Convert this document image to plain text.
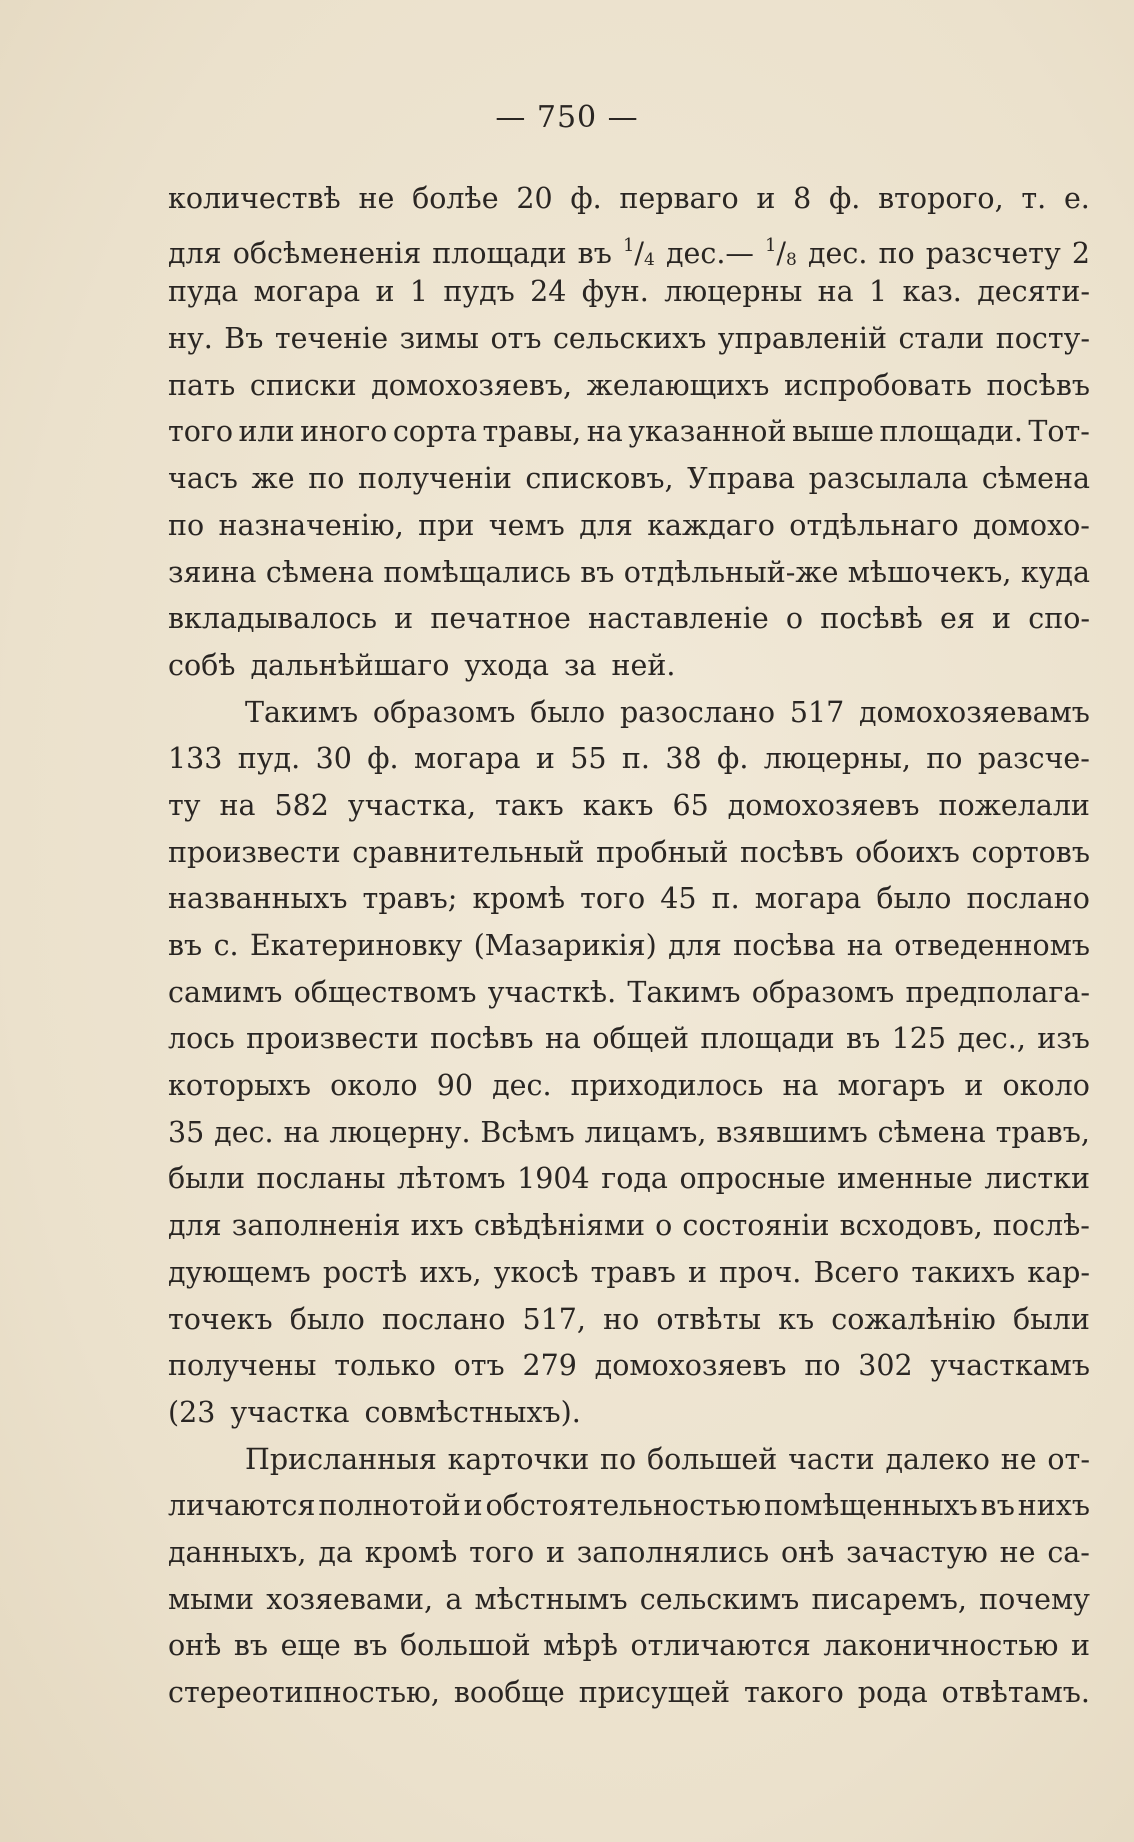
— 750 —
количествѣ не болѣе 20 ф. перваго и 8 ф. второго, т. е.
для обсѣмененія площади въ $^1$/4 дес.— $^1$/8 дес. по разсчету 2
пуда могара и 1 пудъ 24 фун. люцерны на 1 каз. десяти-
ну. Въ теченіе зимы отъ сельскихъ управленій стали посту-
пать списки домохозяевъ, желающихъ испробовать посѣвъ
того или иного сорта травы, на указанной выше площади. Тот-
часъ же по полученіи списковъ, Управа разсылала сѣмена
по назначенію, при чемъ для каждаго отдѣльнаго домохо-
зяина сѣмена помѣщались въ отдѣльный-же мѣшочекъ, куда
вкладывалось и печатное наставленіе о посѣвѣ ея и спо-
собѣ дальнѣйшаго ухода за ней.
Такимъ образомъ было разослано 517 домохозяевамъ
133 пуд. 30 ф. могара и 55 п. 38 ф. люцерны, по разсче-
ту на 582 участка, такъ какъ 65 домохозяевъ пожелали
произвести сравнительный пробный посѣвъ обоихъ сортовъ
названныхъ травъ; кромѣ того 45 п. могара было послано
въ с. Екатериновку (Мазарикія) для посѣва на отведенномъ
самимъ обществомъ участкѣ. Такимъ образомъ предполага-
лось произвести посѣвъ на общей площади въ 125 дес., изъ
которыхъ около 90 дес. приходилось на могаръ и около
35 дес. на люцерну. Всѣмъ лицамъ, взявшимъ сѣмена травъ,
были посланы лѣтомъ 1904 года опросные именные листки
для заполненія ихъ свѣдѣніями о состояніи всходовъ, послѣ-
дующемъ ростѣ ихъ, укосѣ травъ и проч. Всего такихъ кар-
точекъ было послано 517, но отвѣты къ сожалѣнію были
получены только отъ 279 домохозяевъ по 302 участкамъ
(23 участка совмѣстныхъ).
Присланныя карточки по большей части далеко не от-
личаются полнотой и обстоятельностью помѣщенныхъ въ нихъ
данныхъ, да кромѣ того и заполнялись онѣ зачастую не са-
мыми хозяевами, а мѣстнымъ сельскимъ писаремъ, почему
онѣ въ еще въ большой мѣрѣ отличаются лаконичностью и
стереотипностью, вообще присущей такого рода отвѣтамъ.
